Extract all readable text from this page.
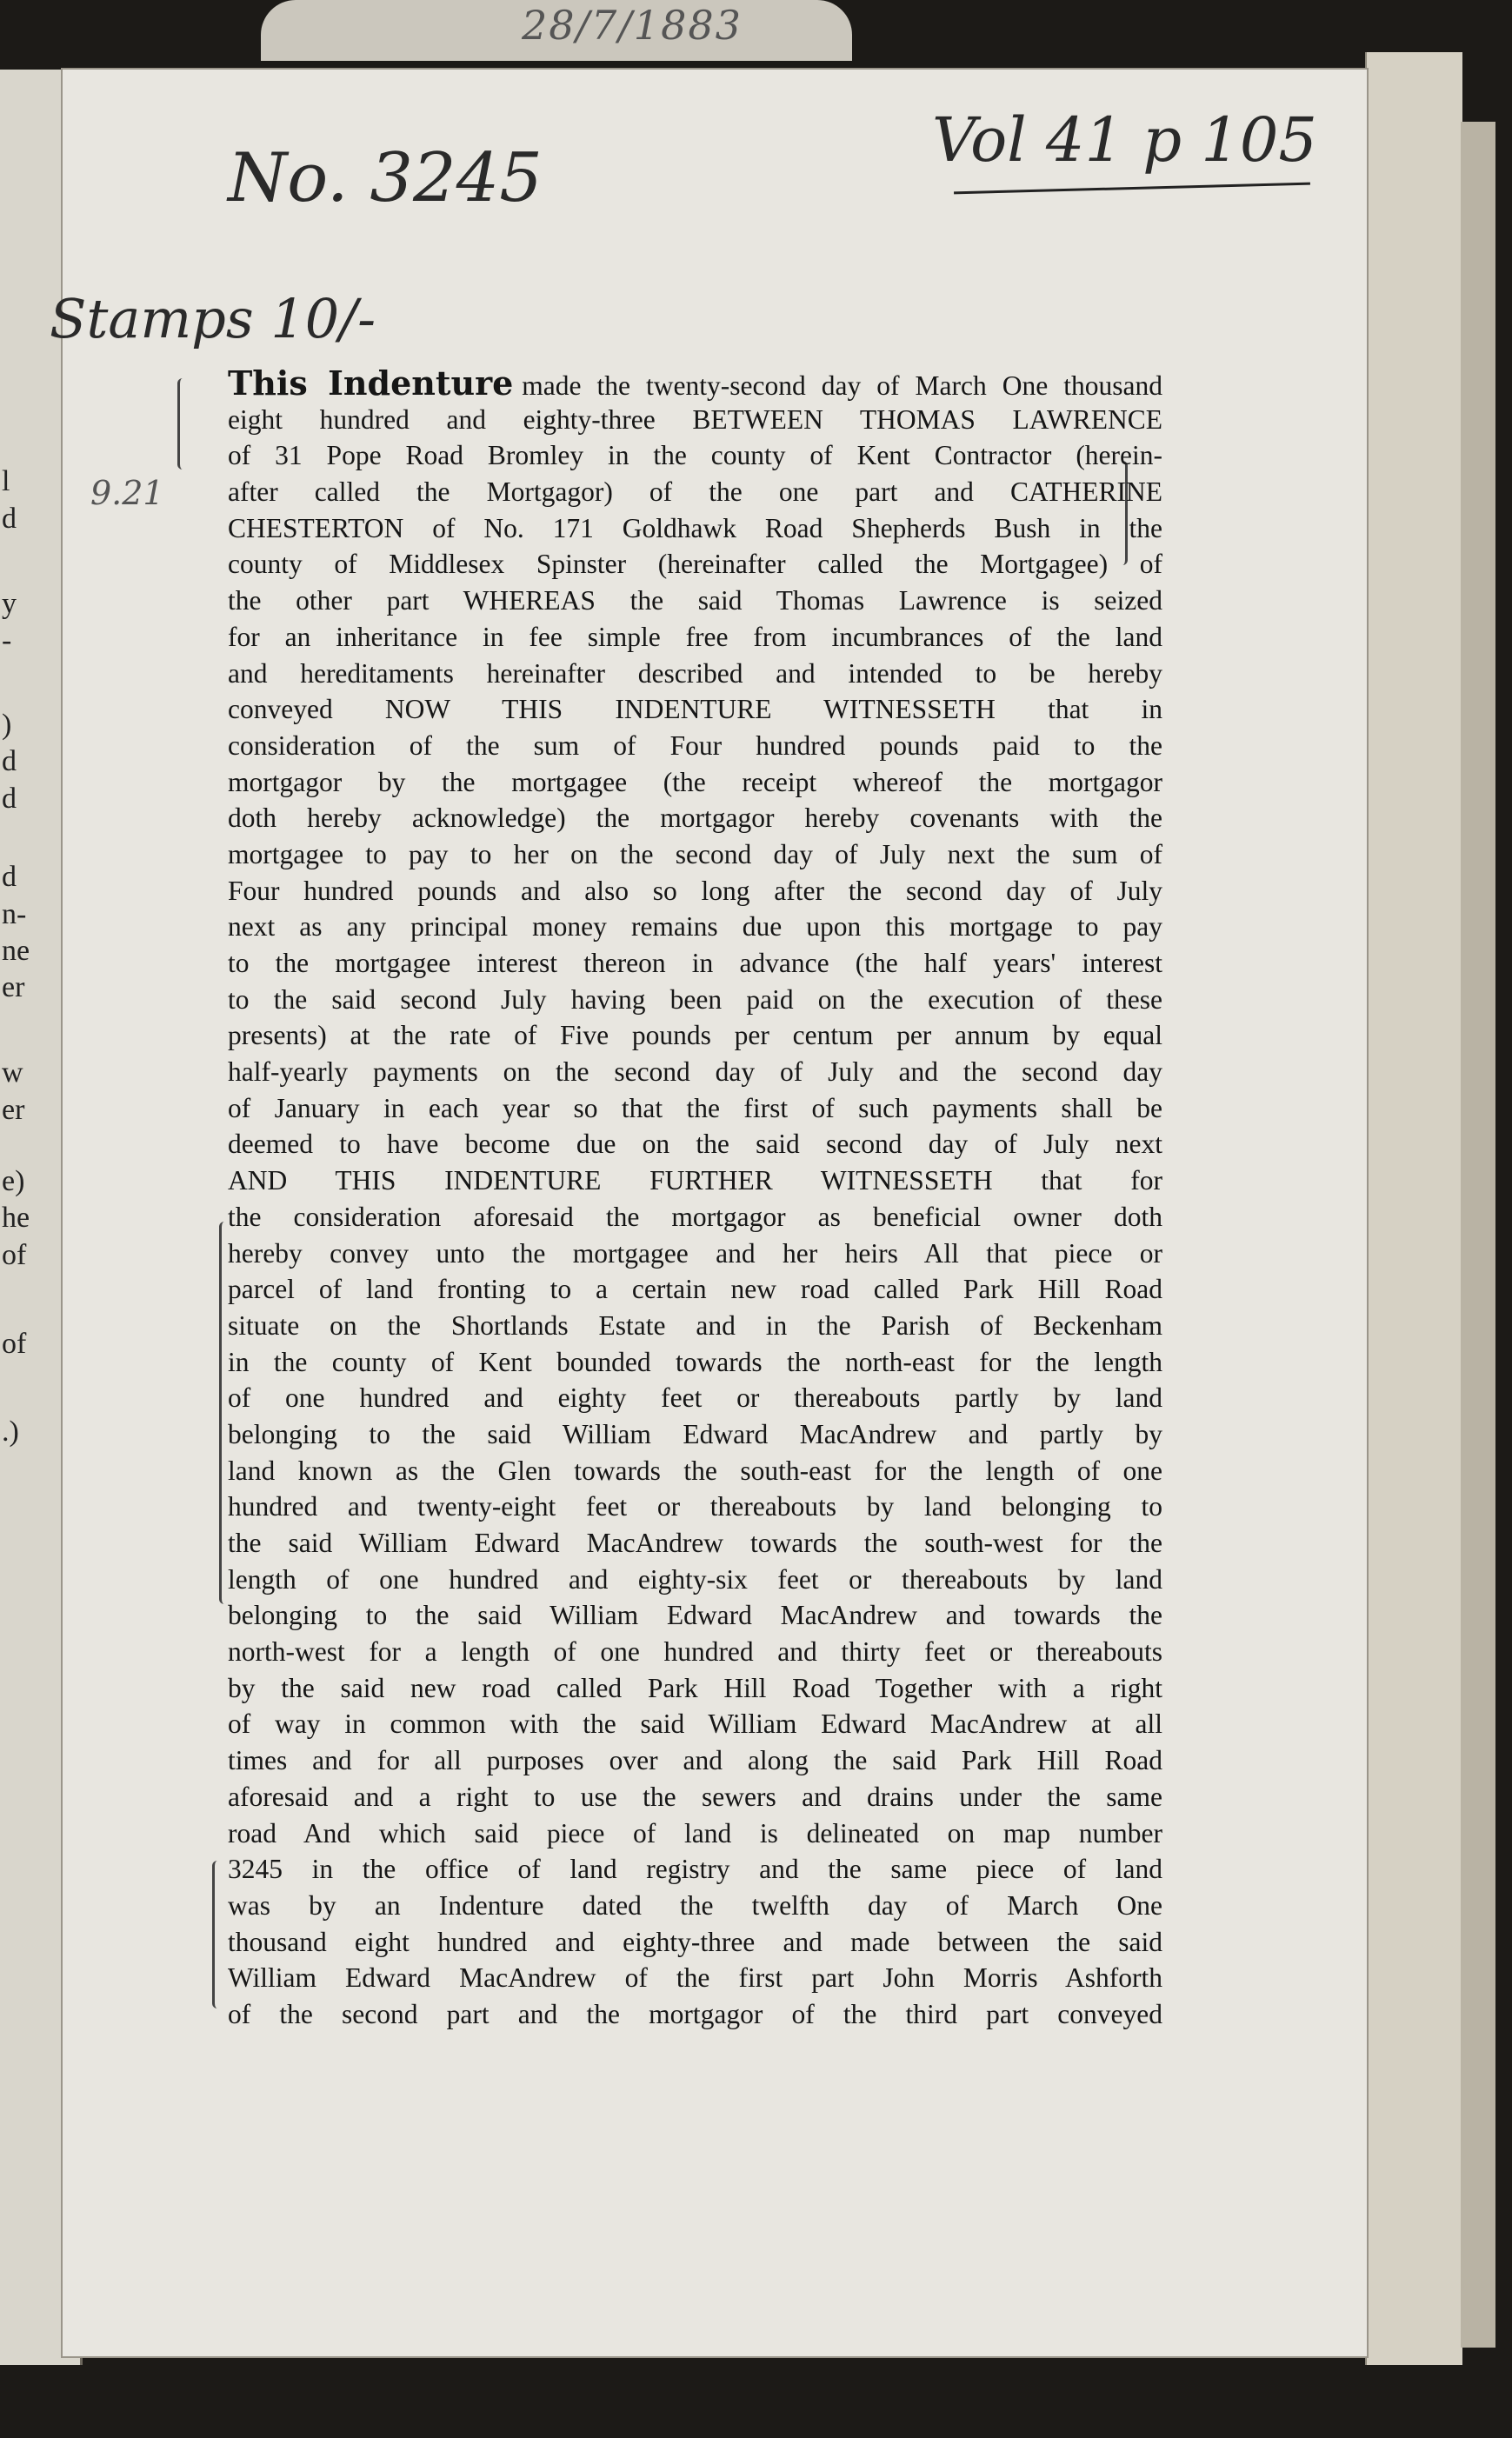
28/7/1883
l
d
y
-
)
d
d
d
n-
ne
er
w
er
e)
he
of
of
.)
No. 3245	Vol 41 p 105
Stamps 10/-
9.21
This Indenture made the twenty-second day of March One thousand
eight hundred and eighty-three BETWEEN THOMAS LAWRENCE
of 31 Pope Road Bromley in the county of Kent Contractor (herein-
after called the Mortgagor) of the one part and CATHERINE
CHESTERTON of No. 171 Goldhawk Road Shepherds Bush in the
county of Middlesex Spinster (hereinafter called the Mortgagee) of
the other part WHEREAS the said Thomas Lawrence is seized
for an inheritance in fee simple free from incumbrances of the land
and hereditaments hereinafter described and intended to be hereby
conveyed NOW THIS INDENTURE WITNESSETH that in
consideration of the sum of Four hundred pounds paid to the
mortgagor by the mortgagee (the receipt whereof the mortgagor
doth hereby acknowledge) the mortgagor hereby covenants with the
mortgagee to pay to her on the second day of July next the sum of
Four hundred pounds and also so long after the second day of July
next as any principal money remains due upon this mortgage to pay
to the mortgagee interest thereon in advance (the half years' interest
to the said second July having been paid on the execution of these
presents) at the rate of Five pounds per centum per annum by equal
half-yearly payments on the second day of July and the second day
of January in each year so that the first of such payments shall be
deemed to have become due on the said second day of July next
AND THIS INDENTURE FURTHER WITNESSETH that for
the consideration aforesaid the mortgagor as beneficial owner doth
hereby convey unto the mortgagee and her heirs All that piece or
parcel of land fronting to a certain new road called Park Hill Road
situate on the Shortlands Estate and in the Parish of Beckenham
in the county of Kent bounded towards the north-east for the length
of one hundred and eighty feet or thereabouts partly by land
belonging to the said William Edward MacAndrew and partly by
land known as the Glen towards the south-east for the length of one
hundred and twenty-eight feet or thereabouts by land belonging to
the said William Edward MacAndrew towards the south-west for the
length of one hundred and eighty-six feet or thereabouts by land
belonging to the said William Edward MacAndrew and towards the
north-west for a length of one hundred and thirty feet or thereabouts
by the said new road called Park Hill Road Together with a right
of way in common with the said William Edward MacAndrew at all
times and for all purposes over and along the said Park Hill Road
aforesaid and a right to use the sewers and drains under the same
road And which said piece of land is delineated on map number
3245 in the office of land registry and the same piece of land
was by an Indenture dated the twelfth day of March One
thousand eight hundred and eighty-three and made between the said
William Edward MacAndrew of the first part John Morris Ashforth
of the second part and the mortgagor of the third part conveyed
